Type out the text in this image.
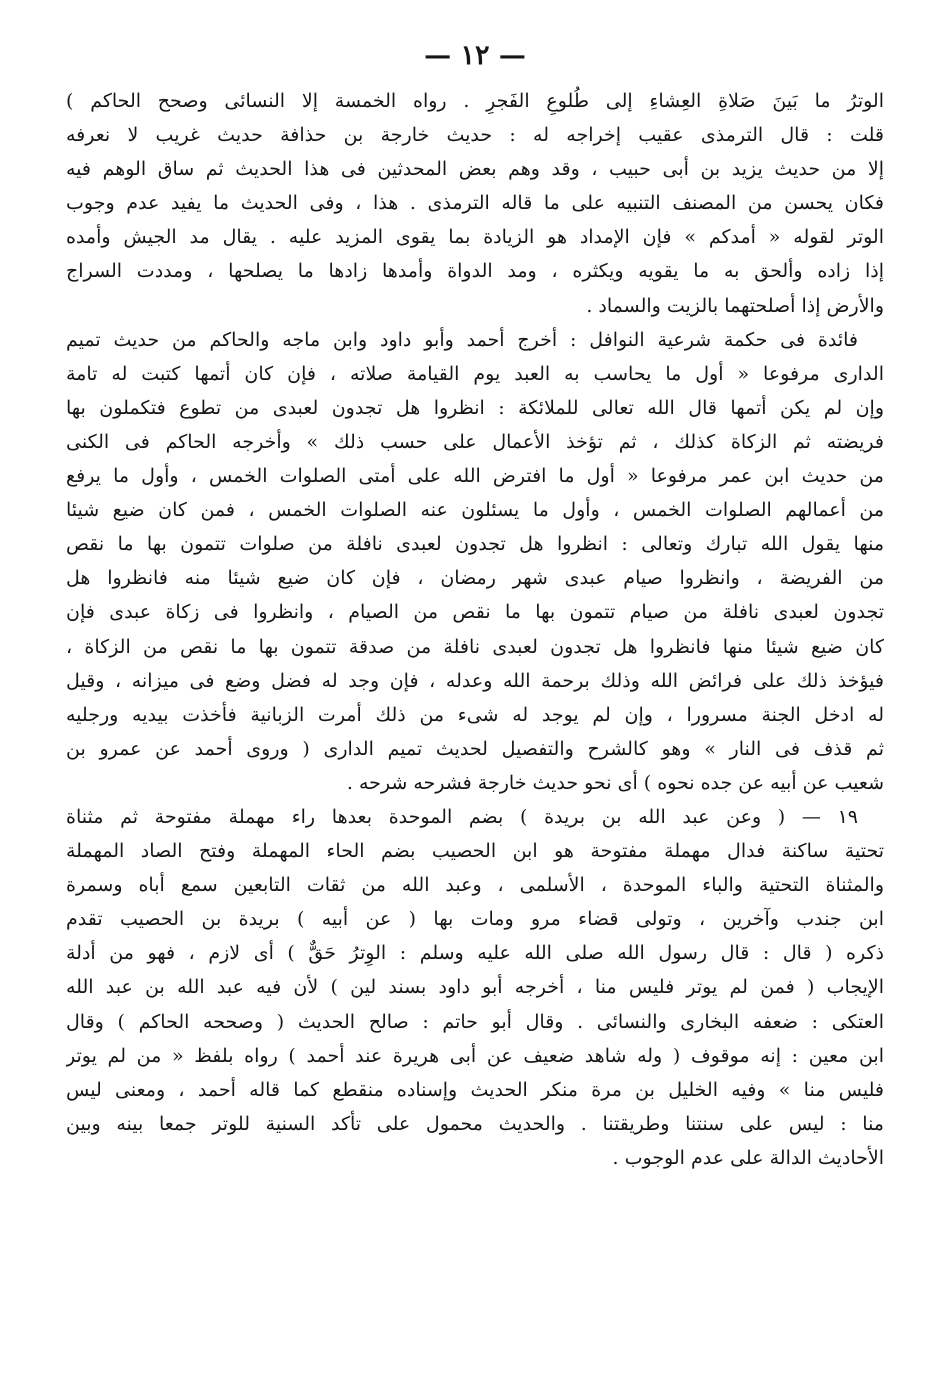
— ١٢ —
الوترُ ما بَينَ صَلاةِ العِشاءِ إلى طُلوعِ الفَجرِ . رواه الخمسة إلا النسائى وصحح الحاكم )
قلت : قال الترمذى عقيب إخراجه له : حديث خارجة بن حذافة حديث غريب لا نعرفه
إلا من حديث يزيد بن أبى حبيب ، وقد وهم بعض المحدثين فى هذا الحديث ثم ساق الوهم فيه
فكان يحسن من المصنف التنبيه على ما قاله الترمذى . هذا ، وفى الحديث ما يفيد عدم وجوب
الوتر لقوله « أمدكم » فإن الإمداد هو الزيادة بما يقوى المزيد عليه . يقال مد الجيش وأمده
إذا زاده وألحق به ما يقويه ويكثره ، ومد الدواة وأمدها زادها ما يصلحها ، ومددت السراج
والأرض إذا أصلحتهما بالزيت والسماد .
فائدة فى حكمة شرعية النوافل : أخرج أحمد وأبو داود وابن ماجه والحاكم من حديث تميم
الدارى مرفوعا « أول ما يحاسب به العبد يوم القيامة صلاته ، فإن كان أتمها كتبت له تامة
وإن لم يكن أتمها قال الله تعالى للملائكة : انظروا هل تجدون لعبدى من تطوع فتكملون بها
فريضته ثم الزكاة كذلك ، ثم تؤخذ الأعمال على حسب ذلك » وأخرجه الحاكم فى الكنى
من حديث ابن عمر مرفوعا « أول ما افترض الله على أمتى الصلوات الخمس ، وأول ما يرفع
من أعمالهم الصلوات الخمس ، وأول ما يسئلون عنه الصلوات الخمس ، فمن كان ضيع شيئا
منها يقول الله تبارك وتعالى : انظروا هل تجدون لعبدى نافلة من صلوات تتمون بها ما نقص
من الفريضة ، وانظروا صيام عبدى شهر رمضان ، فإن كان ضيع شيئا منه فانظروا هل
تجدون لعبدى نافلة من صيام تتمون بها ما نقص من الصيام ، وانظروا فى زكاة عبدى فإن
كان ضيع شيئا منها فانظروا هل تجدون لعبدى نافلة من صدقة تتمون بها ما نقص من الزكاة ،
فيؤخذ ذلك على فرائض الله وذلك برحمة الله وعدله ، فإن وجد له فضل وضع فى ميزانه ، وقيل
له ادخل الجنة مسرورا ، وإن لم يوجد له شىء من ذلك أمرت الزبانية فأخذت بيديه ورجليه
ثم قذف فى النار » وهو كالشرح والتفصيل لحديث تميم الدارى ( وروى أحمد عن عمرو بن
شعيب عن أبيه عن جده نحوه ) أى نحو حديث خارجة فشرحه شرحه .
١٩ — ( وعن عبد الله بن بريدة ) بضم الموحدة بعدها راء مهملة مفتوحة ثم مثناة
تحتية ساكنة فدال مهملة مفتوحة هو ابن الحصيب بضم الحاء المهملة وفتح الصاد المهملة
والمثناة التحتية والباء الموحدة ، الأسلمى ، وعبد الله من ثقات التابعين سمع أباه وسمرة
ابن جندب وآخرين ، وتولى قضاء مرو ومات بها ( عن أبيه ) بريدة بن الحصيب تقدم
ذكره ( قال : قال رسول الله صلى الله عليه وسلم : الوِترُ حَقٌّ ) أى لازم ، فهو من أدلة
الإيجاب ( فمن لم يوتر فليس منا ، أخرجه أبو داود بسند لين ) لأن فيه عبد الله بن عبد الله
العتكى : ضعفه البخارى والنسائى . وقال أبو حاتم : صالح الحديث ( وصححه الحاكم ) وقال
ابن معين : إنه موقوف ( وله شاهد ضعيف عن أبى هريرة عند أحمد ) رواه بلفظ « من لم يوتر
فليس منا » وفيه الخليل بن مرة منكر الحديث وإسناده منقطع كما قاله أحمد ، ومعنى ليس
منا : ليس على سنتنا وطريقتنا . والحديث محمول على تأكد السنية للوتر جمعا بينه وبين
الأحاديث الدالة على عدم الوجوب .
